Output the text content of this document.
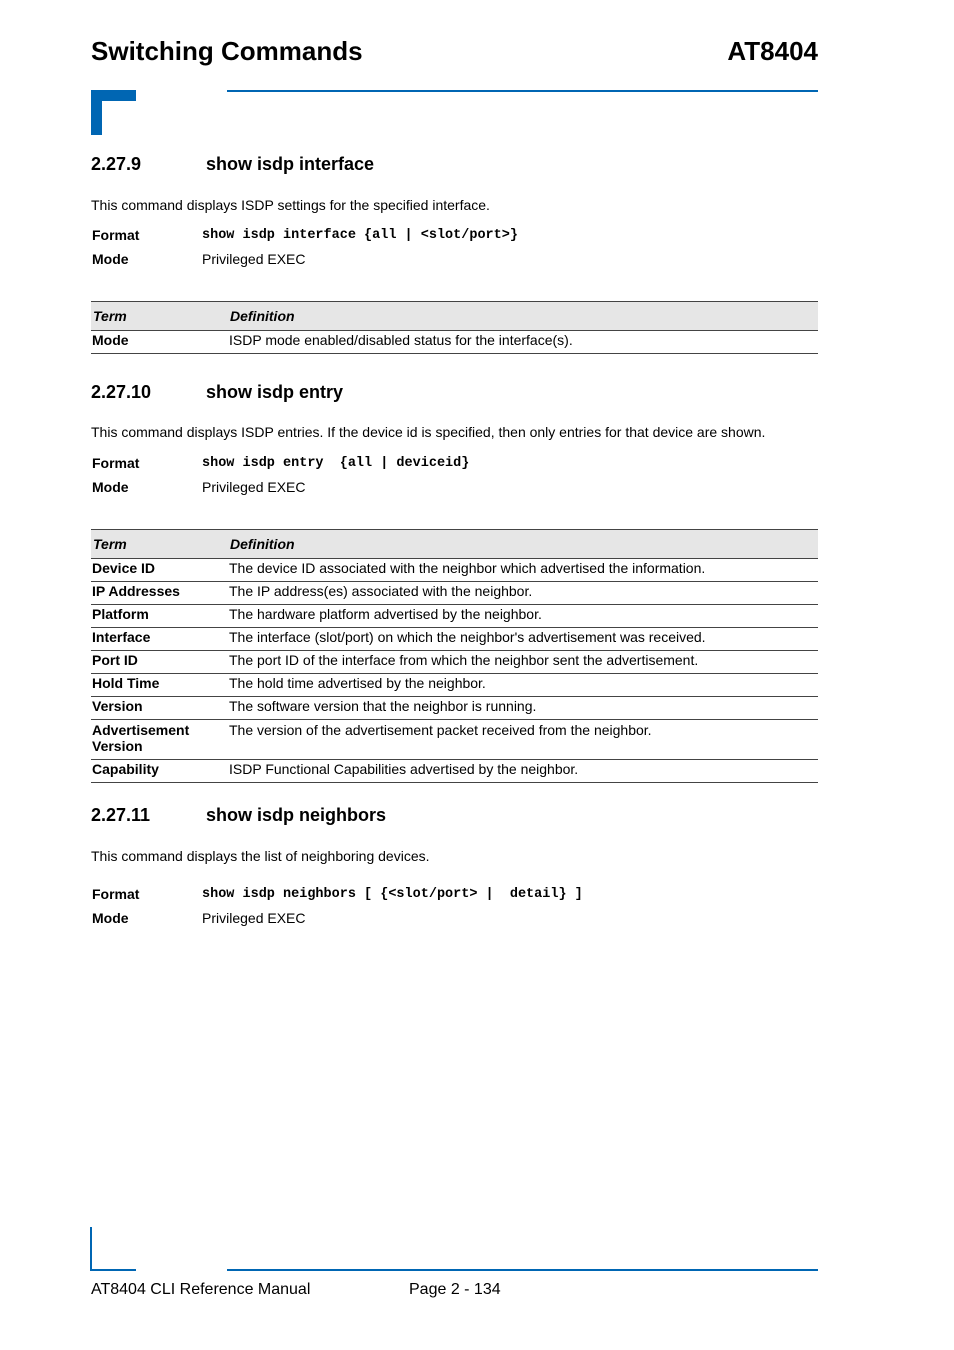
Switching Commands	AT8404
2.27.9	show isdp interface
This command displays ISDP settings for the specified interface.
Format	show isdp interface {all | <slot/port>}
Mode	Privileged EXEC
Term	Definition
Mode	ISDP mode enabled/disabled status for the interface(s).
2.27.10	show isdp entry
This command displays ISDP entries. If the device id is specified, then only entries for that device are shown.
Format	show isdp entry  {all | deviceid}
Mode	Privileged EXEC
Term	Definition
Device ID	The device ID associated with the neighbor which advertised the information.
IP Addresses	The IP address(es) associated with the neighbor.
Platform	The hardware platform advertised by the neighbor.
Interface	The interface (slot/port) on which the neighbor's advertisement was received.
Port ID	The port ID of the interface from which the neighbor sent the advertisement.
Hold Time	The hold time advertised by the neighbor.
Version	The software version that the neighbor is running.
Advertisement Version	The version of the advertisement packet received from the neighbor.
Capability	ISDP Functional Capabilities advertised by the neighbor.
2.27.11	show isdp neighbors
This command displays the list of neighboring devices.
Format	show isdp neighbors [ {<slot/port> |  detail} ]
Mode	Privileged EXEC
AT8404 CLI Reference Manual	Page 2 - 134
